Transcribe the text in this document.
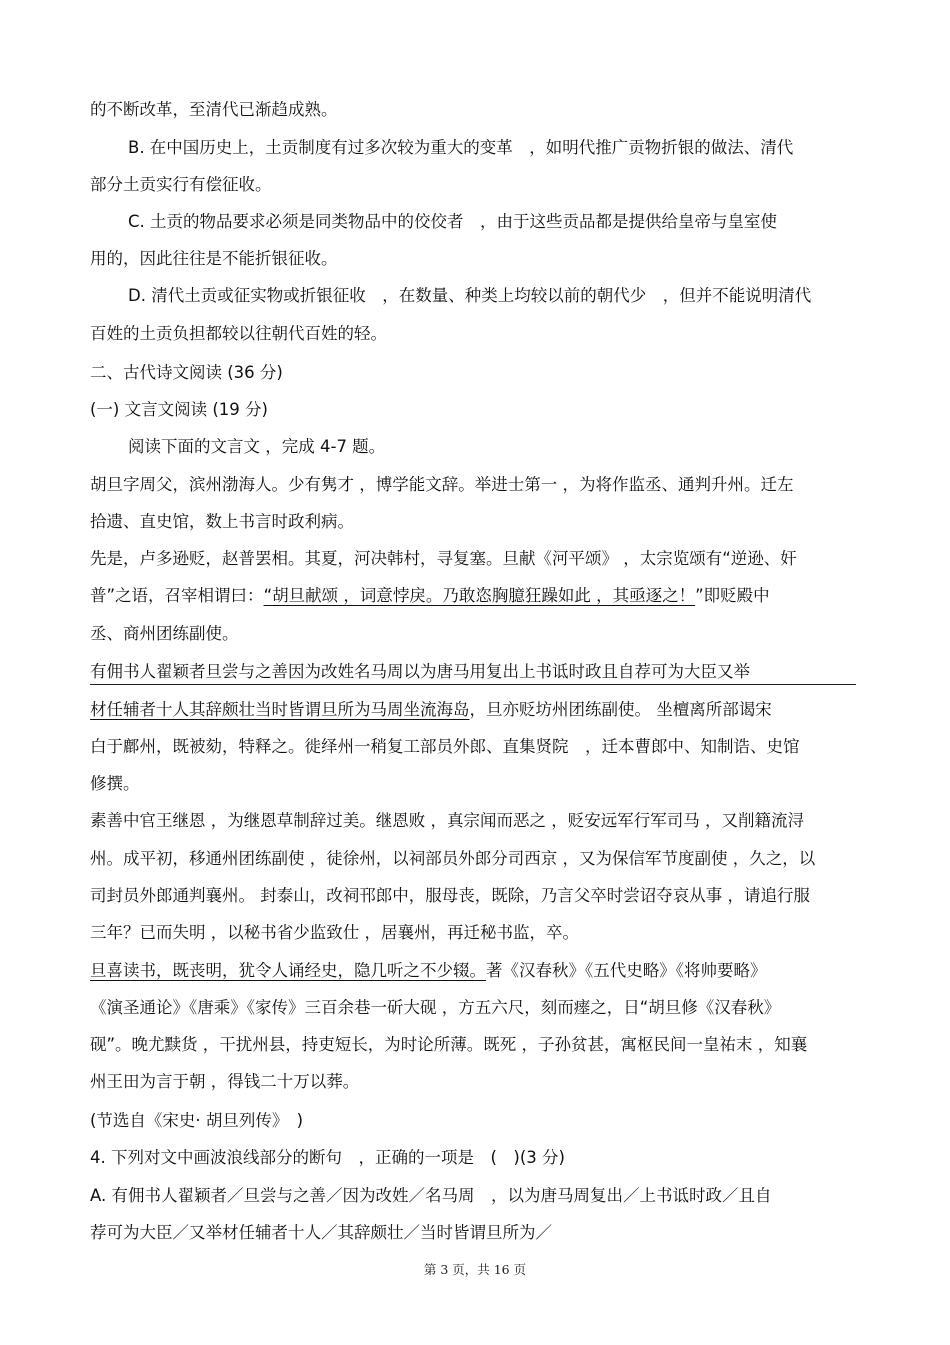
的不断改革，至清代已渐趋成熟。
B. 在中国历史上，土贡制度有过多次较为重大的变革　，如明代推广贡物折银的做法、清代
部分土贡实行有偿征收。
C. 土贡的物品要求必须是同类物品中的佼佼者　，由于这些贡品都是提供给皇帝与皇室使
用的，因此往往是不能折银征收。
D. 清代土贡或征实物或折银征收　，在数量、种类上均较以前的朝代少　，但并不能说明清代
百姓的土贡负担都较以往朝代百姓的轻。
二、古代诗文阅读 (36 分)
(一) 文言文阅读 (19 分)
阅读下面的文言文 ，完成 4-7 题。
胡旦字周父，滨州渤海人。少有隽才 ，博学能文辞。举进士第一 ，为将作监丞、通判升州。迁左
拾遗、直史馆，数上书言时政利病。
先是，卢多逊贬，赵普罢相。其夏，河决韩村，寻复塞。旦献《河平颂》 ，太宗览颂有“逆逊、奸
普”之语，召宰相谓曰：“胡旦献颂 ，词意悖戾。乃敢恣胸臆狂躁如此 ，其亟逐之！”即贬殿中
丞、商州团练副使。
有佣书人翟颖者旦尝与之善因为改姓名马周以为唐马用复出上书诋时政且自荐可为大臣又举
材任辅者十人其辞颇壮当时皆谓旦所为马周坐流海岛，旦亦贬坊州团练副使。 坐檀离所部谒宋
白于鄜州，既被劾，特释之。徙绎州一稍复工部员外郎、直集贤院　，迁本曹郎中、知制诰、史馆
修撰。
素善中官王继恩 ，为继恩草制辞过美。继恩败 ，真宗闻而恶之 ，贬安远军行军司马 ，又削籍流浔
州。成平初，移通州团练副使 ，徒徐州，以祠部员外郎分司西京 ，又为保信军节度副使 ，久之，以
司封员外郎通判襄州。 封泰山，改祠邗郎中，服母丧，既除，乃言父卒时尝诏夺哀从事 ，请追行服
三年？已而失明 ，以秘书省少监致仕 ，居襄州，再迁秘书监，卒。
旦喜读书，既丧明，犹令人诵经史，隐几听之不少辍。著《汉春秋》《五代史略》《将帅要略》
《演圣通论》《唐乘》《家传》三百余巷一斫大砚 ，方五六尺，刻而瘗之，日“胡旦修《汉春秋》
砚”。晚尤黩货 ，干扰州县，持吏短长，为时论所薄。既死 ，子孙贫甚，寓枢民间一皇祐末 ，知襄
州王田为言于朝 ，得钱二十万以葬。
(节选自《宋史· 胡旦列传》　)
4. 下列对文中画波浪线部分的断句　，正确的一项是　(　)(3 分)
A. 有佣书人翟颖者／旦尝与之善／因为改姓／名马周　，以为唐马周复出／上书诋时政／且自
荐可为大臣／又举材任辅者十人／其辞颇壮／当时皆谓旦所为／
第 3 页，共 16 页
